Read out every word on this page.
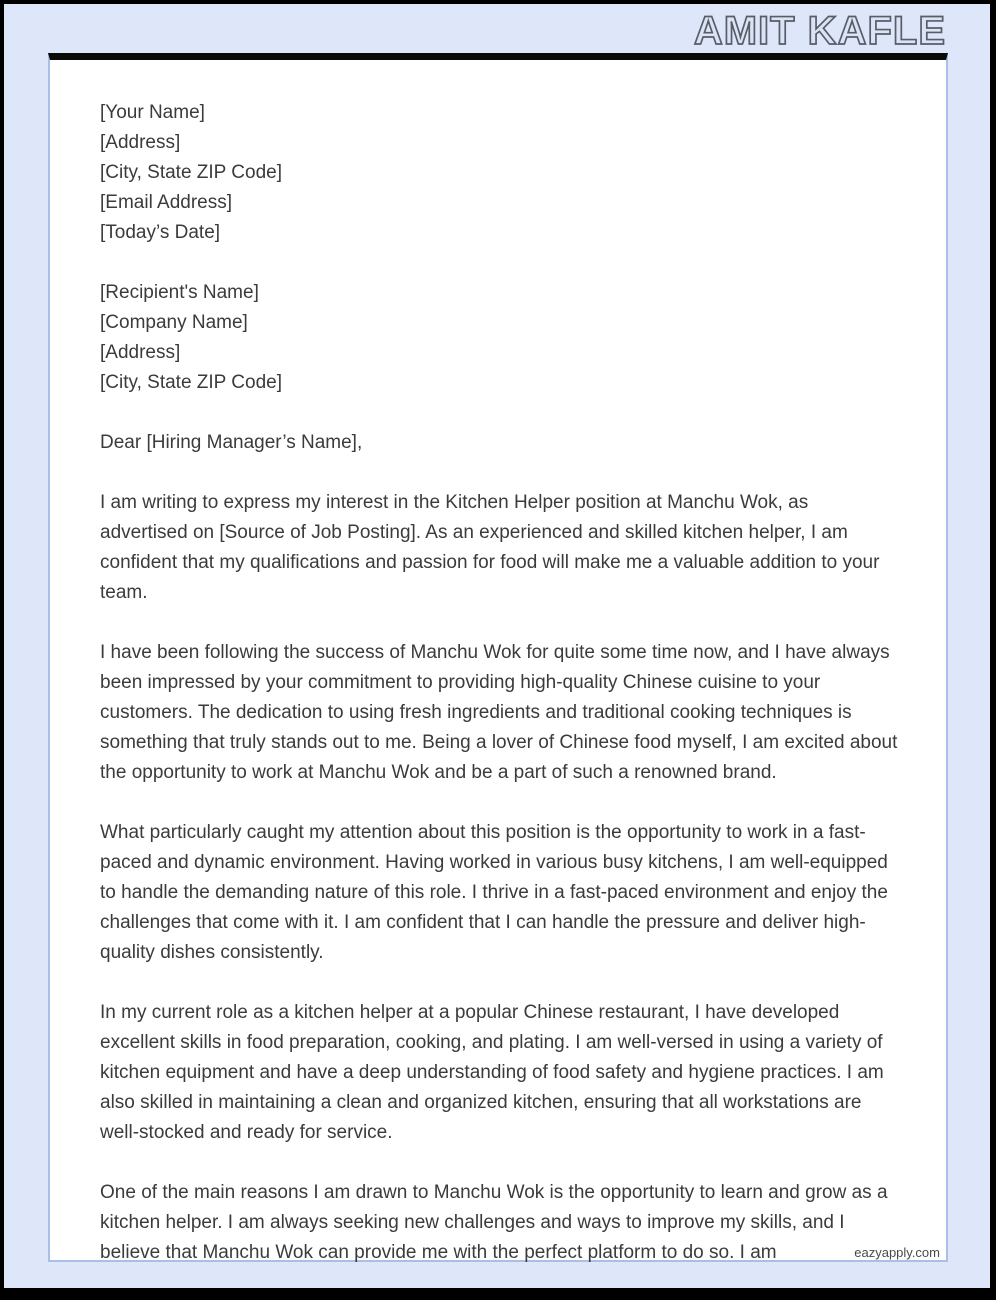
AMIT KAFLE
[Your Name]
[Address]
[City, State ZIP Code]
[Email Address]
[Today’s Date]
[Recipient's Name]
[Company Name]
[Address]
[City, State ZIP Code]

Dear [Hiring Manager’s Name],

I am writing to express my interest in the Kitchen Helper position at Manchu Wok, as advertised on [Source of Job Posting]. As an experienced and skilled kitchen helper, I am confident that my qualifications and passion for food will make me a valuable addition to your team.

I have been following the success of Manchu Wok for quite some time now, and I have always been impressed by your commitment to providing high-quality Chinese cuisine to your customers. The dedication to using fresh ingredients and traditional cooking techniques is something that truly stands out to me. Being a lover of Chinese food myself, I am excited about the opportunity to work at Manchu Wok and be a part of such a renowned brand.

What particularly caught my attention about this position is the opportunity to work in a fast-paced and dynamic environment. Having worked in various busy kitchens, I am well-equipped to handle the demanding nature of this role. I thrive in a fast-paced environment and enjoy the challenges that come with it. I am confident that I can handle the pressure and deliver high-quality dishes consistently.

In my current role as a kitchen helper at a popular Chinese restaurant, I have developed excellent skills in food preparation, cooking, and plating. I am well-versed in using a variety of kitchen equipment and have a deep understanding of food safety and hygiene practices. I am also skilled in maintaining a clean and organized kitchen, ensuring that all workstations are well-stocked and ready for service.

One of the main reasons I am drawn to Manchu Wok is the opportunity to learn and grow as a kitchen helper. I am always seeking new challenges and ways to improve my skills, and I believe that Manchu Wok can provide me with the perfect platform to do so. I am	eazyapply.com
